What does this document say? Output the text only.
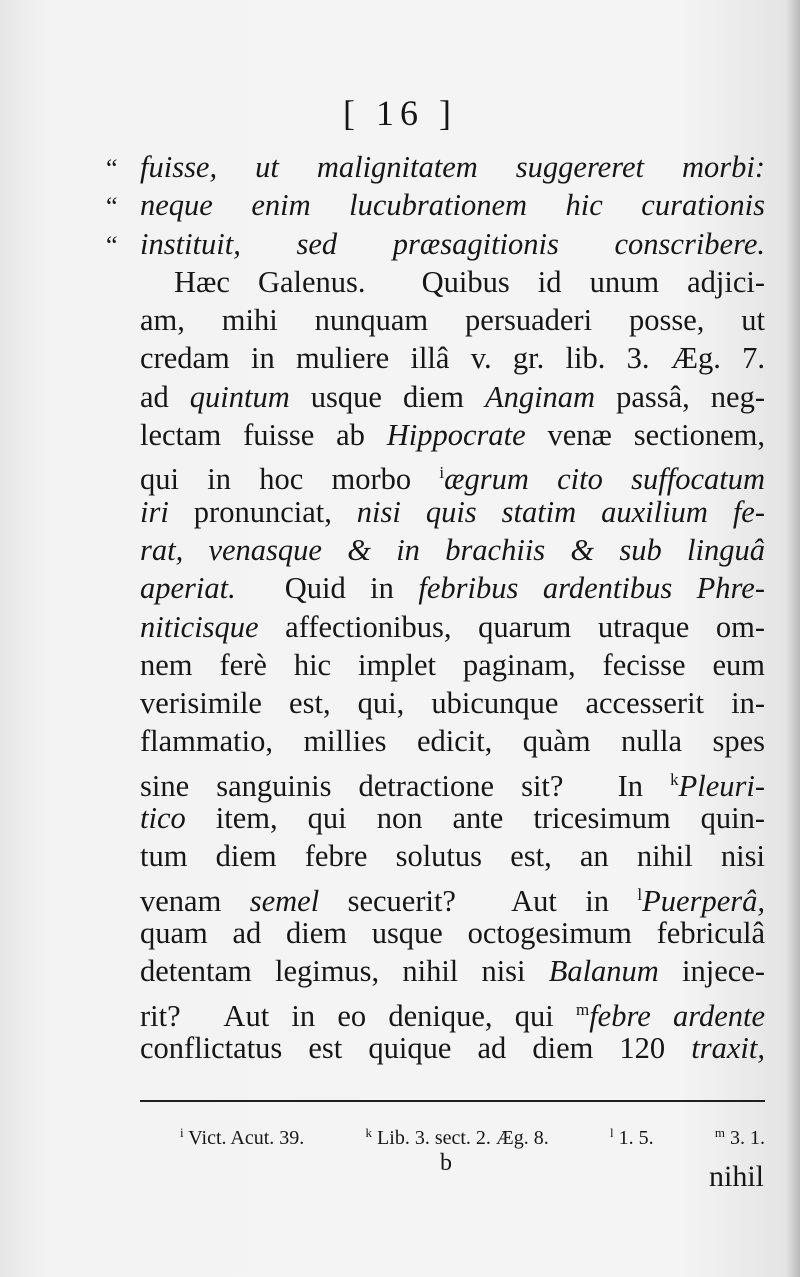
[ 16 ]
“ fuisse, ut malignitatem suggereret morbi:
“ neque enim lucubrationem hic curationis
“ instituit, sed præsagitionis conscribere.
Hæc Galenus.  Quibus id unum adjici-
am, mihi nunquam persuaderi posse, ut
credam in muliere illâ v. gr. lib. 3. Æg. 7.
ad quintum usque diem Anginam passâ, neg-
lectam fuisse ab Hippocrate venæ sectionem,
qui in hoc morbo $^i$ægrum cito suffocatum
iri pronunciat, nisi quis statim auxilium fe-
rat, venasque & in brachiis & sub linguâ
aperiat.  Quid in febribus ardentibus Phre-
niticisque affectionibus, quarum utraque om-
nem ferè hic implet paginam, fecisse eum
verisimile est, qui, ubicunque accesserit in-
flammatio, millies edicit, quàm nulla spes
sine sanguinis detractione sit?  In $^k$Pleuri-
tico item, qui non ante tricesimum quin-
tum diem febre solutus est, an nihil nisi
venam semel secuerit?  Aut in $^l$Puerperâ,
quam ad diem usque octogesimum febriculâ
detentam legimus, nihil nisi Balanum injece-
rit?  Aut in eo denique, qui $^m$febre ardente
conflictatus est quique ad diem 120 traxit,
$^i$ Vict. Acut. 39.	$^k$ Lib. 3. sect. 2. Æg. 8.	$^l$ 1. 5.	$^m$ 3. 1.
b	nihil
